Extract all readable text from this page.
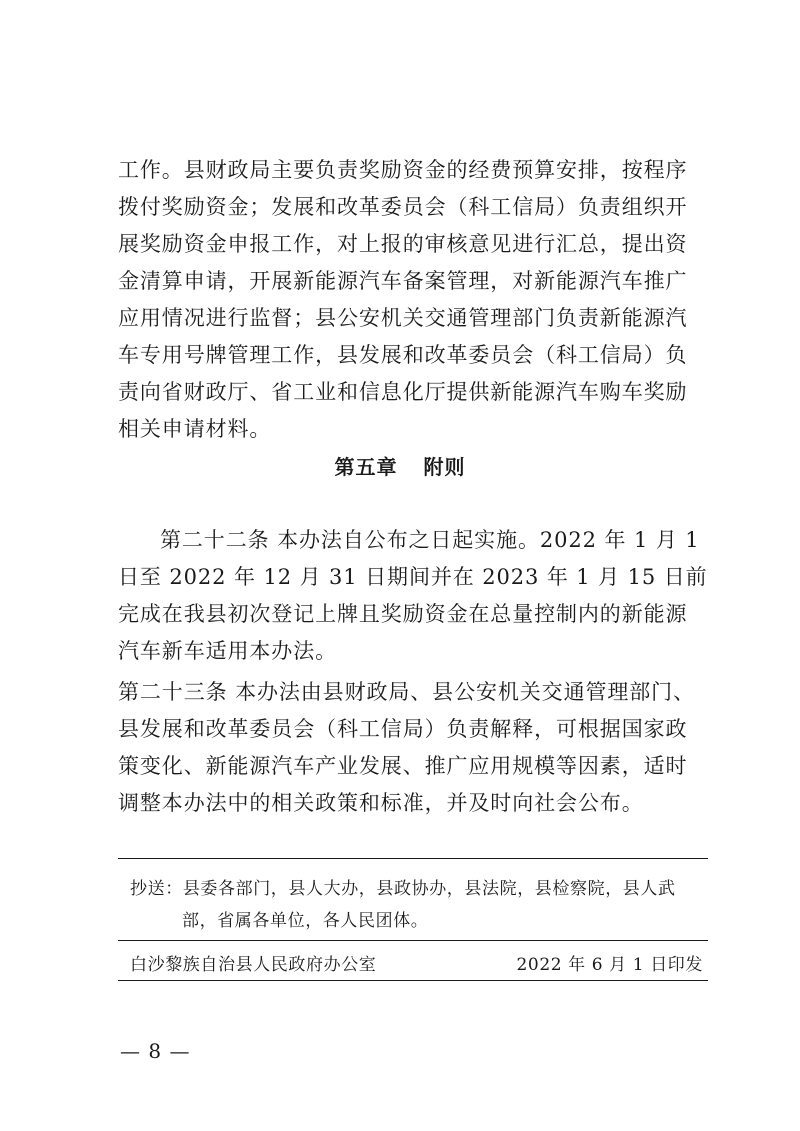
工作。县财政局主要负责奖励资金的经费预算安排，按程序拨付奖励资金；发展和改革委员会（科工信局）负责组织开展奖励资金申报工作，对上报的审核意见进行汇总，提出资金清算申请，开展新能源汽车备案管理，对新能源汽车推广应用情况进行监督；县公安机关交通管理部门负责新能源汽车专用号牌管理工作，县发展和改革委员会（科工信局）负责向省财政厅、省工业和信息化厅提供新能源汽车购车奖励相关申请材料。

第五章 附则

第二十二条 本办法自公布之日起实施。2022 年 1 月 1 日至 2022 年 12 月 31 日期间并在 2023 年 1 月 15 日前完成在我县初次登记上牌且奖励资金在总量控制内的新能源汽车新车适用本办法。

第二十三条 本办法由县财政局、县公安机关交通管理部门、县发展和改革委员会（科工信局）负责解释，可根据国家政策变化、新能源汽车产业发展、推广应用规模等因素，适时调整本办法中的相关政策和标准，并及时向社会公布。

抄送：县委各部门，县人大办，县政协办，县法院，县检察院，县人武
部，省属各单位，各人民团体。
白沙黎族自治县人民政府办公室	2022 年 6 月 1 日印发
— 8 —
